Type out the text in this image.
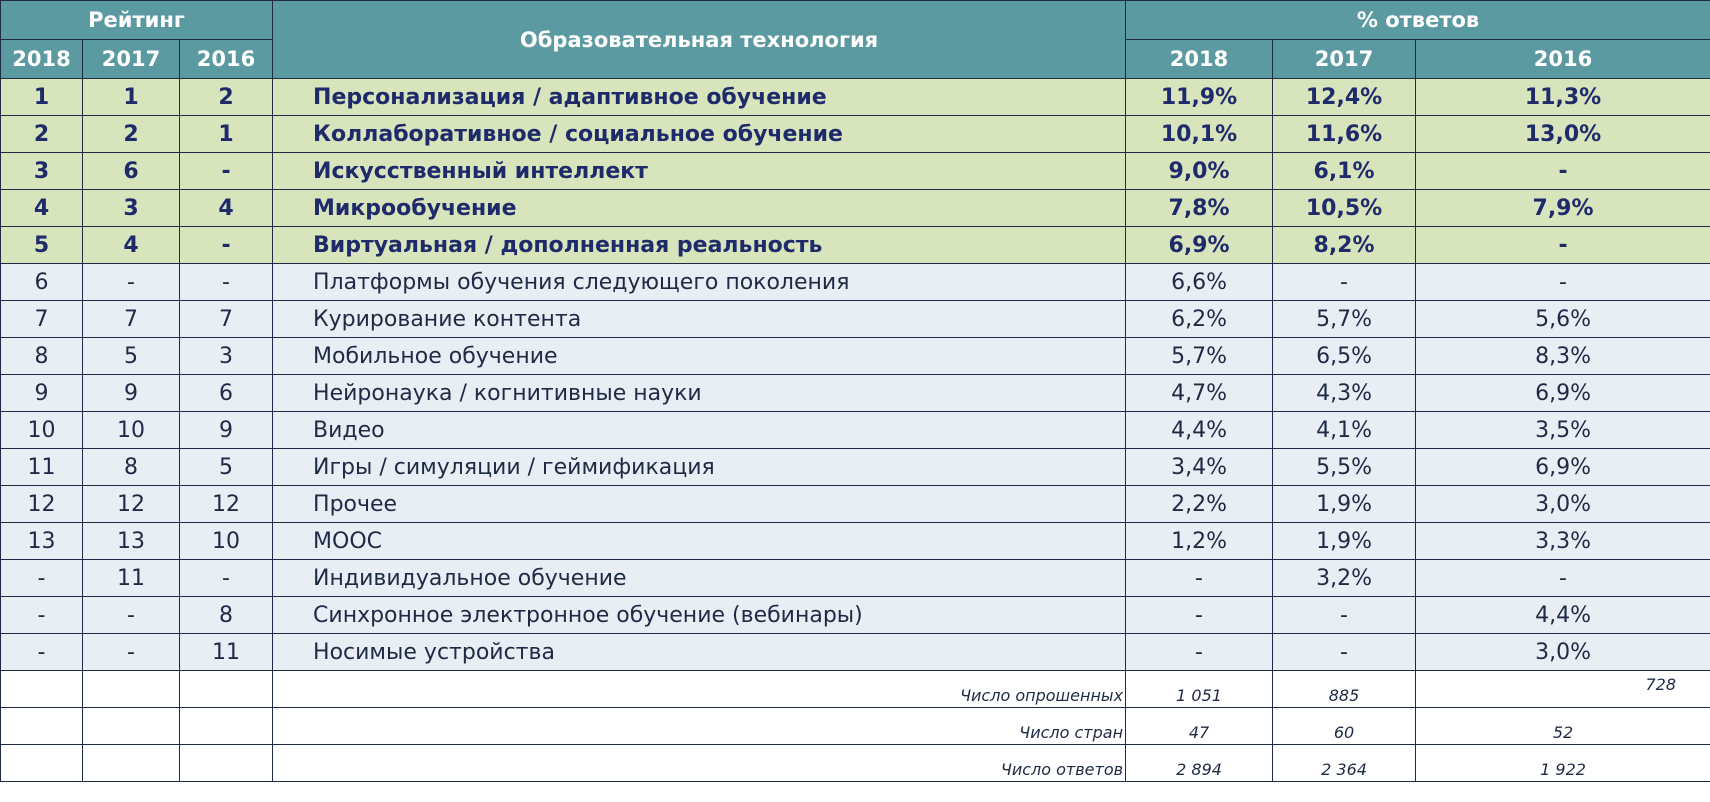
Рейтинг			Образовательная технология	% ответов		
2018	2017	2016		2018	2017	2016
1	1	2	Персонализация / адаптивное обучение	11,9%	12,4%	11,3%
2	2	1	Коллаборативное / социальное обучение	10,1%	11,6%	13,0%
3	6	-	Искусственный интеллект	9,0%	6,1%	-
4	3	4	Микрообучение	7,8%	10,5%	7,9%
5	4	-	Виртуальная / дополненная реальность	6,9%	8,2%	-
6	-	-	Платформы обучения следующего поколения	6,6%	-	-
7	7	7	Курирование контента	6,2%	5,7%	5,6%
8	5	3	Мобильное обучение	5,7%	6,5%	8,3%
9	9	6	Нейронаука / когнитивные науки	4,7%	4,3%	6,9%
10	10	9	Видео	4,4%	4,1%	3,5%
11	8	5	Игры / симуляции / геймификация	3,4%	5,5%	6,9%
12	12	12	Прочее	2,2%	1,9%	3,0%
13	13	10	MOOC	1,2%	1,9%	3,3%
-	11	-	Индивидуальное обучение	-	3,2%	-
-	-	8	Синхронное электронное обучение (вебинары)	-	-	4,4%
-	-	11	Носимые устройства	-	-	3,0%
			Число опрошенных	1 051	885	728
			Число стран	47	60	52
			Число ответов	2 894	2 364	1 922
